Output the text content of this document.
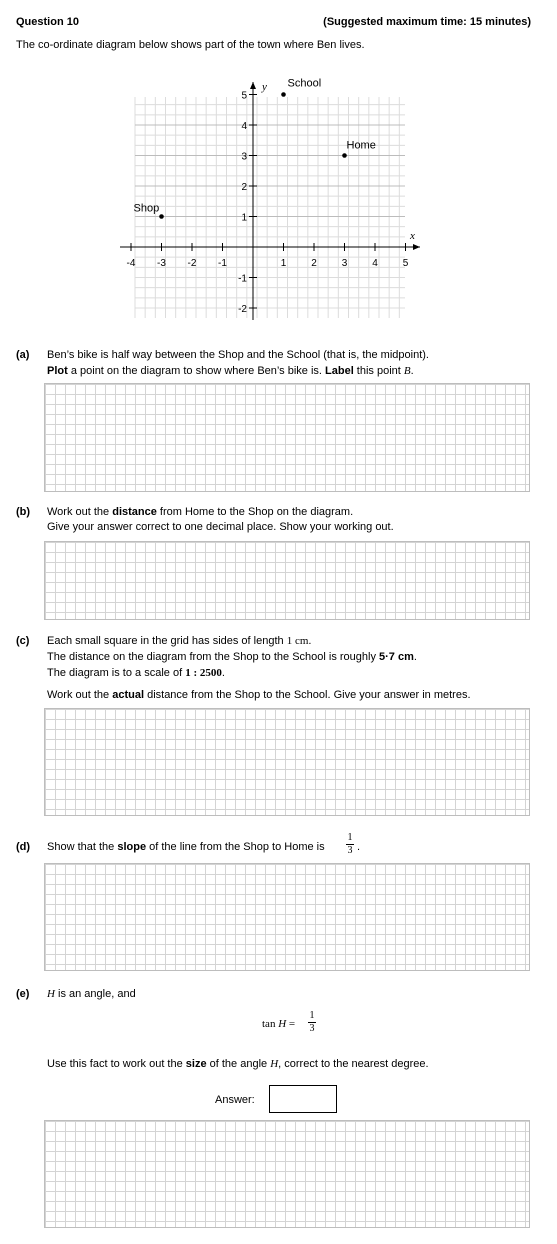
Question 10	(Suggested maximum time: 15 minutes)
The co-ordinate diagram below shows part of the town where Ben lives.
x
y
-4 -3 -2 -1	1 2 3 4 5
5
4
3
2
1
-1
-2
Shop
School
Home
(a) Ben’s bike is half way between the Shop and the School (that is, the midpoint).
Plot a point on the diagram to show where Ben’s bike is. Label this point B.
(b) Work out the distance from Home to the Shop on the diagram.
Give your answer correct to one decimal place. Show your working out.
(c) Each small square in the grid has sides of length 1 cm.
The distance on the diagram from the Shop to the School is roughly 5·7 cm.
The diagram is to a scale of 1 : 2500.
Work out the actual distance from the Shop to the School. Give your answer in metres.
(d) Show that the slope of the line from the Shop to Home is
1
3 .
(e) H is an angle, and
tan H =
1
3
Use this fact to work out the size of the angle H, correct to the nearest degree.
Answer:
